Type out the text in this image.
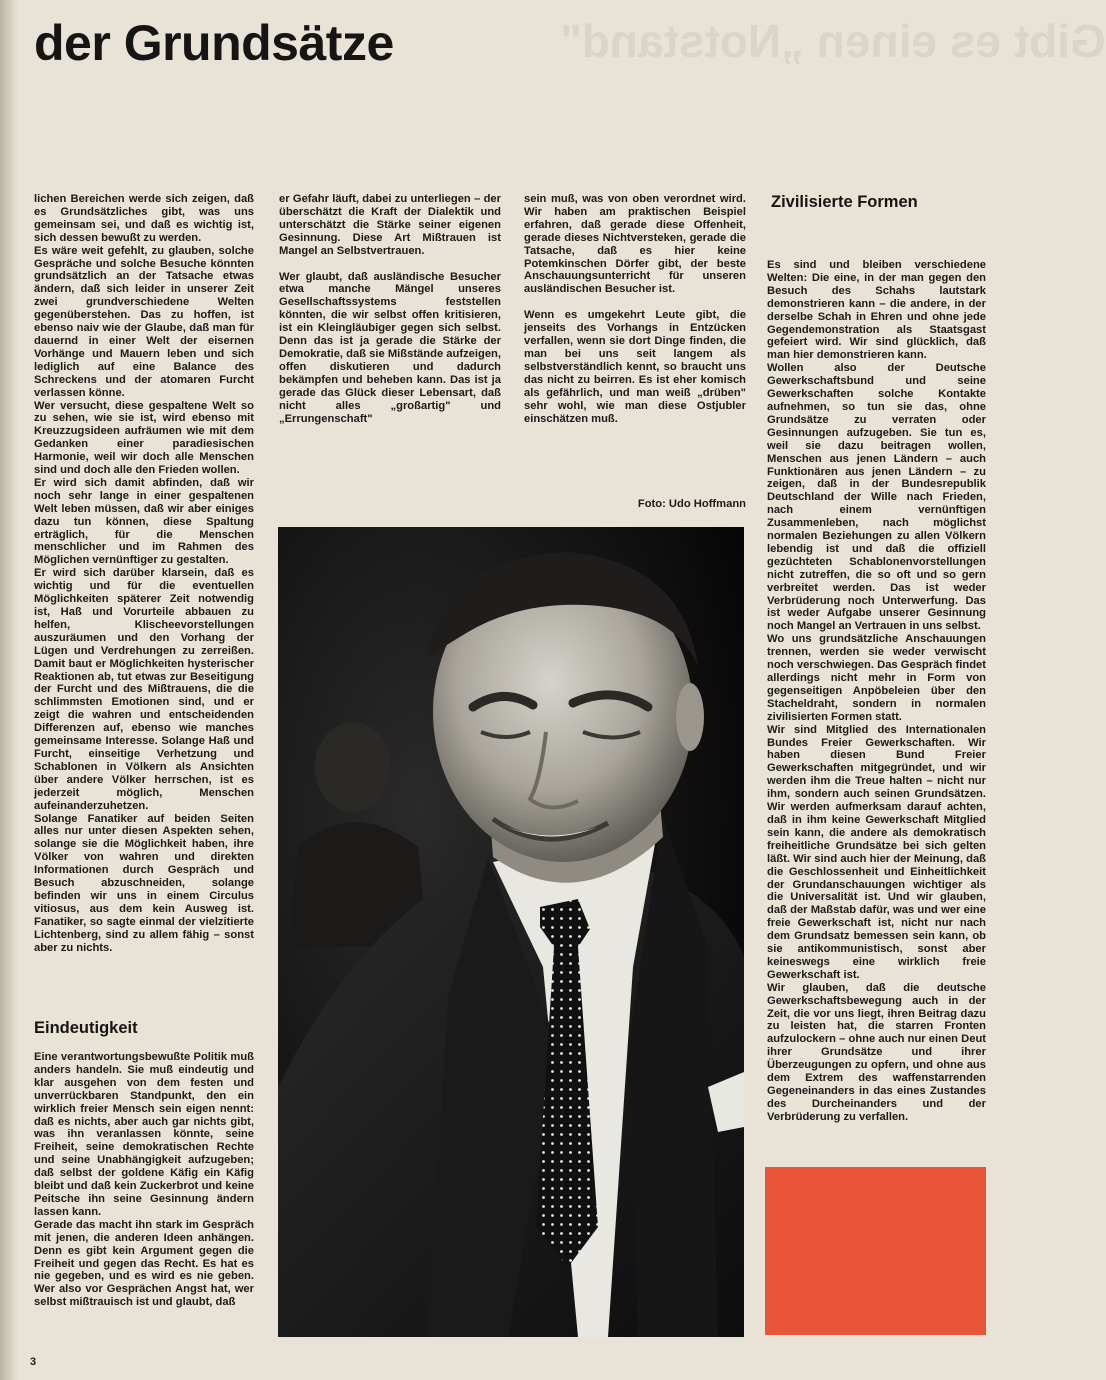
Gibt es einen „Notstand"
der Grundsätze

lichen Bereichen werde sich zeigen, daß es Grundsätzliches gibt, was uns gemeinsam sei, und daß es wichtig ist, sich dessen bewußt zu werden.

Es wäre weit gefehlt, zu glauben, solche Gespräche und solche Besuche könnten grundsätzlich an der Tatsache etwas ändern, daß sich leider in unserer Zeit zwei grundverschiedene Welten gegenüberstehen. Das zu hoffen, ist ebenso naiv wie der Glaube, daß man für dauernd in einer Welt der eisernen Vorhänge und Mauern leben und sich lediglich auf eine Balance des Schreckens und der atomaren Furcht verlassen könne.

Wer versucht, diese gespaltene Welt so zu sehen, wie sie ist, wird ebenso mit Kreuzzugsideen aufräumen wie mit dem Gedanken einer paradiesischen Harmonie, weil wir doch alle Menschen sind und doch alle den Frieden wollen.

Er wird sich damit abfinden, daß wir noch sehr lange in einer gespaltenen Welt leben müssen, daß wir aber einiges dazu tun können, diese Spaltung erträglich, für die Menschen menschlicher und im Rahmen des Möglichen vernünftiger zu gestalten.

Er wird sich darüber klarsein, daß es wichtig und für die eventuellen Möglichkeiten späterer Zeit notwendig ist, Haß und Vorurteile abbauen zu helfen, Klischeevorstellungen auszuräumen und den Vorhang der Lügen und Verdrehungen zu zerreißen. Damit baut er Möglichkeiten hysterischer Reaktionen ab, tut etwas zur Beseitigung der Furcht und des Mißtrauens, die die schlimmsten Emotionen sind, und er zeigt die wahren und entscheidenden Differenzen auf, ebenso wie manches gemeinsame Interesse. Solange Haß und Furcht, einseitige Verhetzung und Schablonen in Völkern als Ansichten über andere Völker herrschen, ist es jederzeit möglich, Menschen aufeinanderzuhetzen.

Solange Fanatiker auf beiden Seiten alles nur unter diesen Aspekten sehen, solange sie die Möglichkeit haben, ihre Völker von wahren und direkten Informationen durch Gespräch und Besuch abzuschneiden, solange befinden wir uns in einem Circulus vitiosus, aus dem kein Ausweg ist. Fanatiker, so sagte einmal der vielzitierte Lichtenberg, sind zu allem fähig – sonst aber zu nichts.

Eindeutigkeit

Eine verantwortungsbewußte Politik muß anders handeln. Sie muß eindeutig und klar ausgehen von dem festen und unverrückbaren Standpunkt, den ein wirklich freier Mensch sein eigen nennt: daß es nichts, aber auch gar nichts gibt, was ihn veranlassen könnte, seine Freiheit, seine demokratischen Rechte und seine Unabhängigkeit aufzugeben; daß selbst der goldene Käfig ein Käfig bleibt und daß kein Zuckerbrot und keine Peitsche ihn seine Gesinnung ändern lassen kann.

Gerade das macht ihn stark im Gespräch mit jenen, die anderen Ideen anhängen. Denn es gibt kein Argument gegen die Freiheit und gegen das Recht. Es hat es nie gegeben, und es wird es nie geben. Wer also vor Gesprächen Angst hat, wer selbst mißtrauisch ist und glaubt, daß

er Gefahr läuft, dabei zu unterliegen – der überschätzt die Kraft der Dialektik und unterschätzt die Stärke seiner eigenen Gesinnung. Diese Art Mißtrauen ist Mangel an Selbstvertrauen.

Wer glaubt, daß ausländische Besucher etwa manche Mängel unseres Gesellschaftssystems feststellen könnten, die wir selbst offen kritisieren, ist ein Kleingläubiger gegen sich selbst. Denn das ist ja gerade die Stärke der Demokratie, daß sie Mißstände aufzeigen, offen diskutieren und dadurch bekämpfen und beheben kann. Das ist ja gerade das Glück dieser Lebensart, daß nicht alles „großartig" und „Errungenschaft"

sein muß, was von oben verordnet wird. Wir haben am praktischen Beispiel erfahren, daß gerade diese Offenheit, gerade dieses Nichtversteken, gerade die Tatsache, daß es hier keine Potemkinschen Dörfer gibt, der beste Anschauungsunterricht für unseren ausländischen Besucher ist.

Wenn es umgekehrt Leute gibt, die jenseits des Vorhangs in Entzücken verfallen, wenn sie dort Dinge finden, die man bei uns seit langem als selbstverständlich kennt, so braucht uns das nicht zu beirren. Es ist eher komisch als gefährlich, und man weiß „drüben" sehr wohl, wie man diese Ostjubler einschätzen muß.

Foto: Udo Hoffmann
Zivilisierte Formen

Es sind und bleiben verschiedene Welten: Die eine, in der man gegen den Besuch des Schahs lautstark demonstrieren kann – die andere, in der derselbe Schah in Ehren und ohne jede Gegendemonstration als Staatsgast gefeiert wird. Wir sind glücklich, daß man hier demonstrieren kann.

Wollen also der Deutsche Gewerkschaftsbund und seine Gewerkschaften solche Kontakte aufnehmen, so tun sie das, ohne Grundsätze zu verraten oder Gesinnungen aufzugeben. Sie tun es, weil sie dazu beitragen wollen, Menschen aus jenen Ländern – auch Funktionären aus jenen Ländern – zu zeigen, daß in der Bundesrepublik Deutschland der Wille nach Frieden, nach einem vernünftigen Zusammenleben, nach möglichst normalen Beziehungen zu allen Völkern lebendig ist und daß die offiziell gezüchteten Schablonenvorstellungen nicht zutreffen, die so oft und so gern verbreitet werden. Das ist weder Verbrüderung noch Unterwerfung. Das ist weder Aufgabe unserer Gesinnung noch Mangel an Vertrauen in uns selbst.

Wo uns grundsätzliche Anschauungen trennen, werden sie weder verwischt noch verschwiegen. Das Gespräch findet allerdings nicht mehr in Form von gegenseitigen Anpöbeleien über den Stacheldraht, sondern in normalen zivilisierten Formen statt.

Wir sind Mitglied des Internationalen Bundes Freier Gewerkschaften. Wir haben diesen Bund Freier Gewerkschaften mitgegründet, und wir werden ihm die Treue halten – nicht nur ihm, sondern auch seinen Grundsätzen. Wir werden aufmerksam darauf achten, daß in ihm keine Gewerkschaft Mitglied sein kann, die andere als demokratisch freiheitliche Grundsätze bei sich gelten läßt. Wir sind auch hier der Meinung, daß die Geschlossenheit und Einheitlichkeit der Grundanschauungen wichtiger als die Universalität ist. Und wir glauben, daß der Maßstab dafür, was und wer eine freie Gewerkschaft ist, nicht nur nach dem Grundsatz bemessen sein kann, ob sie antikommunistisch, sonst aber keineswegs eine wirklich freie Gewerkschaft ist.

Wir glauben, daß die deutsche Gewerkschaftsbewegung auch in der Zeit, die vor uns liegt, ihren Beitrag dazu zu leisten hat, die starren Fronten aufzulockern – ohne auch nur einen Deut ihrer Grundsätze und ihrer Überzeugungen zu opfern, und ohne aus dem Extrem des waffenstarrenden Gegeneinanders in das eines Zustandes des Durcheinanders und der Verbrüderung zu verfallen.

3
